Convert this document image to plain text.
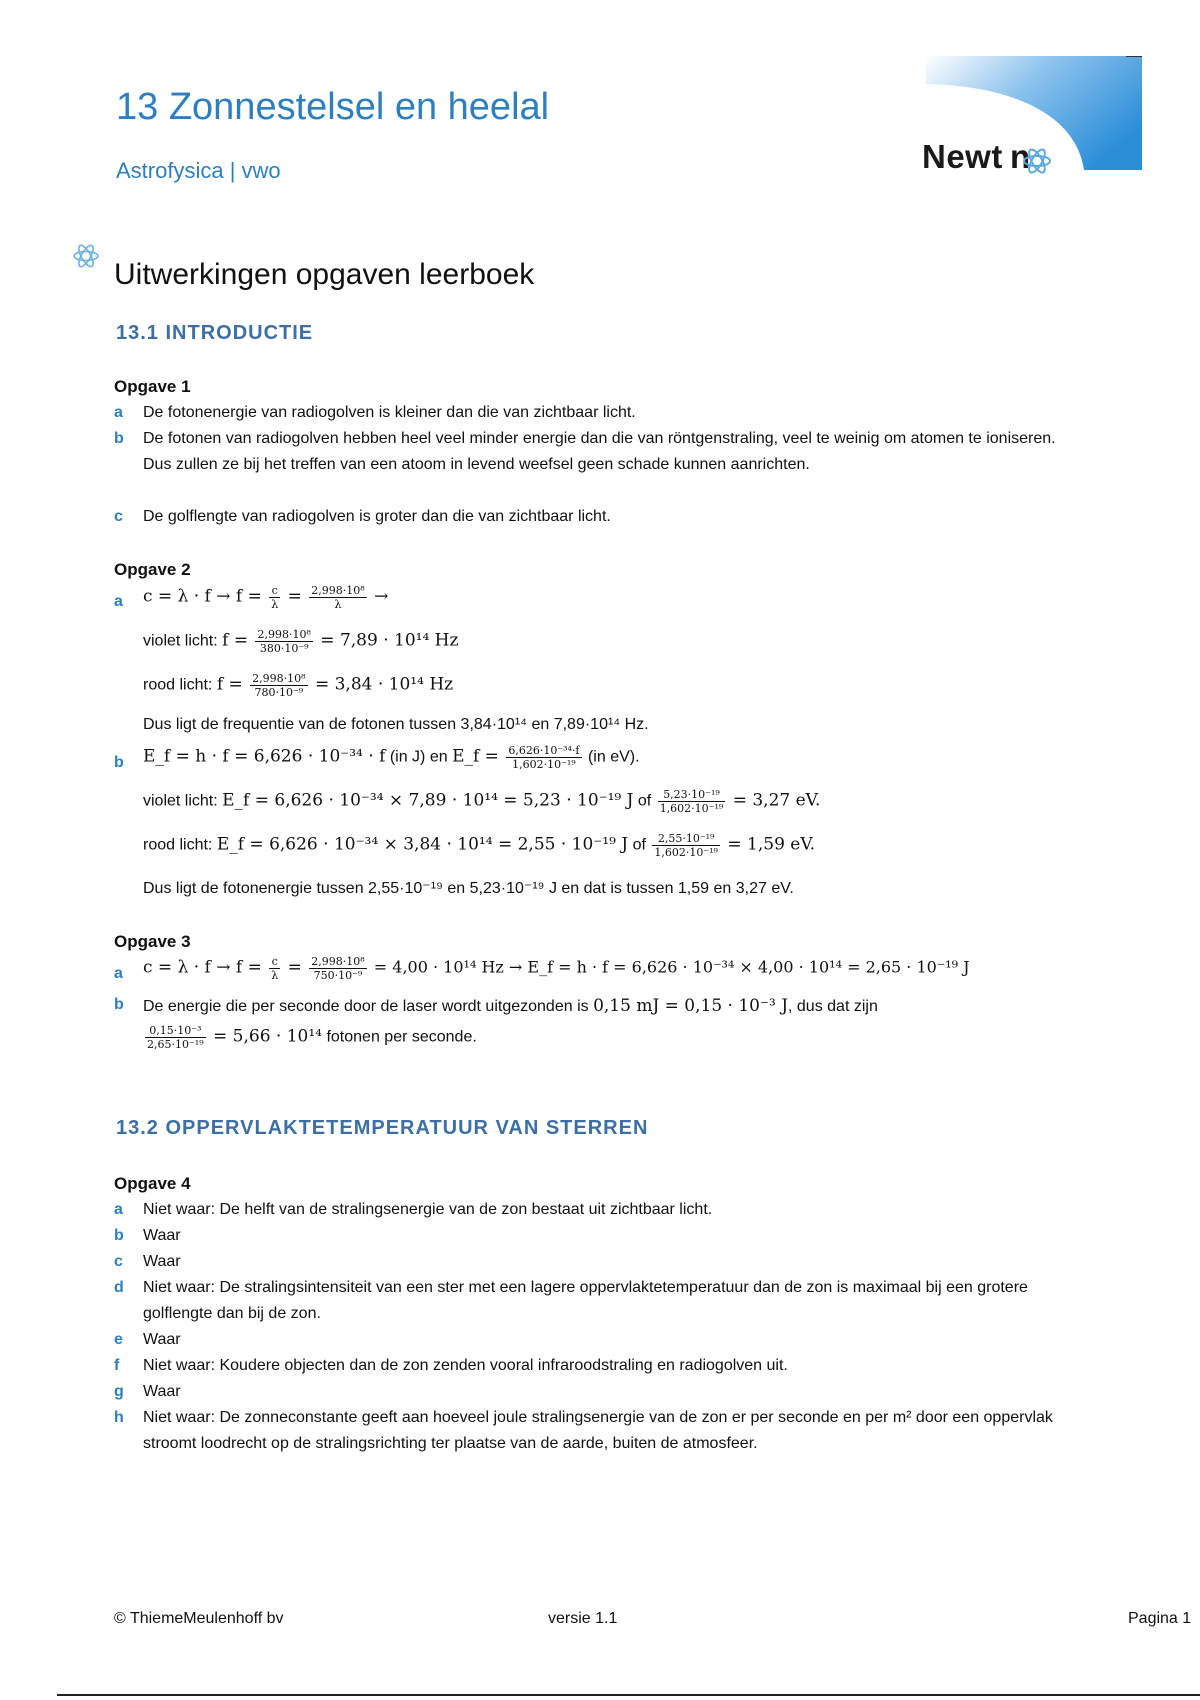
13 Zonnestelsel en heelal
Astrofysica | vwo	Newt n
Uitwerkingen opgaven leerboek
13.1 INTRODUCTIE
Opgave 1
a De fotonenergie van radiogolven is kleiner dan die van zichtbaar licht.
b De fotonen van radiogolven hebben heel veel minder energie dan die van röntgenstraling, veel te weinig om atomen te ioniseren. Dus zullen ze bij het treffen van een atoom in levend weefsel geen schade kunnen aanrichten.
c De golflengte van radiogolven is groter dan die van zichtbaar licht.
Opgave 2
a $c = \lambda \cdot f \to f = \frac{c}{\lambda} = \frac{\text{2,998·10⁸}}{\lambda}$ →
violet licht: $f = \frac{\text{2,998·10⁸}}{\text{380·10⁻⁹}} = 7,89 \cdot 10^{14}$ Hz
rood licht: $f = \frac{\text{2,998·10⁸}}{\text{780·10⁻⁹}} = 3,84 \cdot 10^{14}$ Hz
Dus ligt de frequentie van de fotonen tussen 3,84·10¹⁴ en 7,89·10¹⁴ Hz.
b E_f = h · f = 6,626 · 10⁻³⁴ · f (in J) en E_f = $\frac{\text{6,626·10⁻³⁴·f}}{\text{1,602·10⁻¹⁹}} (in$ eV).
violet licht: E_f = 6,626 · 10⁻³⁴ × 7,89 · 10¹⁴ = 5,23 · 10⁻¹⁹ J of $\frac{\text{5,23·10⁻¹⁹}}{\text{1,602·10⁻¹⁹}} = 3,27$ eV.
rood licht: E_f = 6,626 · 10⁻³⁴ × 3,84 · 10¹⁴ = 2,55 · 10⁻¹⁹ J of $\frac{\text{2,55·10⁻¹⁹}}{\text{1,602·10⁻¹⁹}} = 1,59$ eV.
Dus ligt de fotonenergie tussen 2,55·10⁻¹⁹ en 5,23·10⁻¹⁹ J en dat is tussen 1,59 en 3,27 eV.
Opgave 3
a $c = \lambda \cdot f \to f = \frac{c}{\lambda} = \frac{\text{2,998·10⁸}}{\text{750·10⁻⁹}} = 4,00 \cdot 10^{14}$ Hz → E_f = h · f = 6,626 · 10⁻³⁴ × 4,00 · 10¹⁴ = 2,65 · 10⁻¹⁹ J
b De energie die per seconde door de laser wordt uitgezonden is 0,15 mJ = 0,15 · 10⁻³ J, dus dat zijn
$\frac{\text{0,15·10⁻³}}{\text{2,65·10⁻¹⁹}} = 5,66 \cdot 10^{14}$ fotonen per seconde.
13.2 OPPERVLAKTETEMPERATUUR VAN STERREN
Opgave 4
a Niet waar: De helft van de stralingsenergie van de zon bestaat uit zichtbaar licht.
b Waar
c Waar
d Niet waar: De stralingsintensiteit van een ster met een lagere oppervlaktetemperatuur dan de zon is maximaal bij een grotere golflengte dan bij de zon.
e Waar
f Niet waar: Koudere objecten dan de zon zenden vooral infraroodstraling en radiogolven uit.
g Waar
h Niet waar: De zonneconstante geeft aan hoeveel joule stralingsenergie van de zon er per seconde en per m² door een oppervlak stroomt loodrecht op de stralingsrichting ter plaatse van de aarde, buiten de atmosfeer.
© ThiemeMeulenhoff bv	versie 1.1	Pagina 1
